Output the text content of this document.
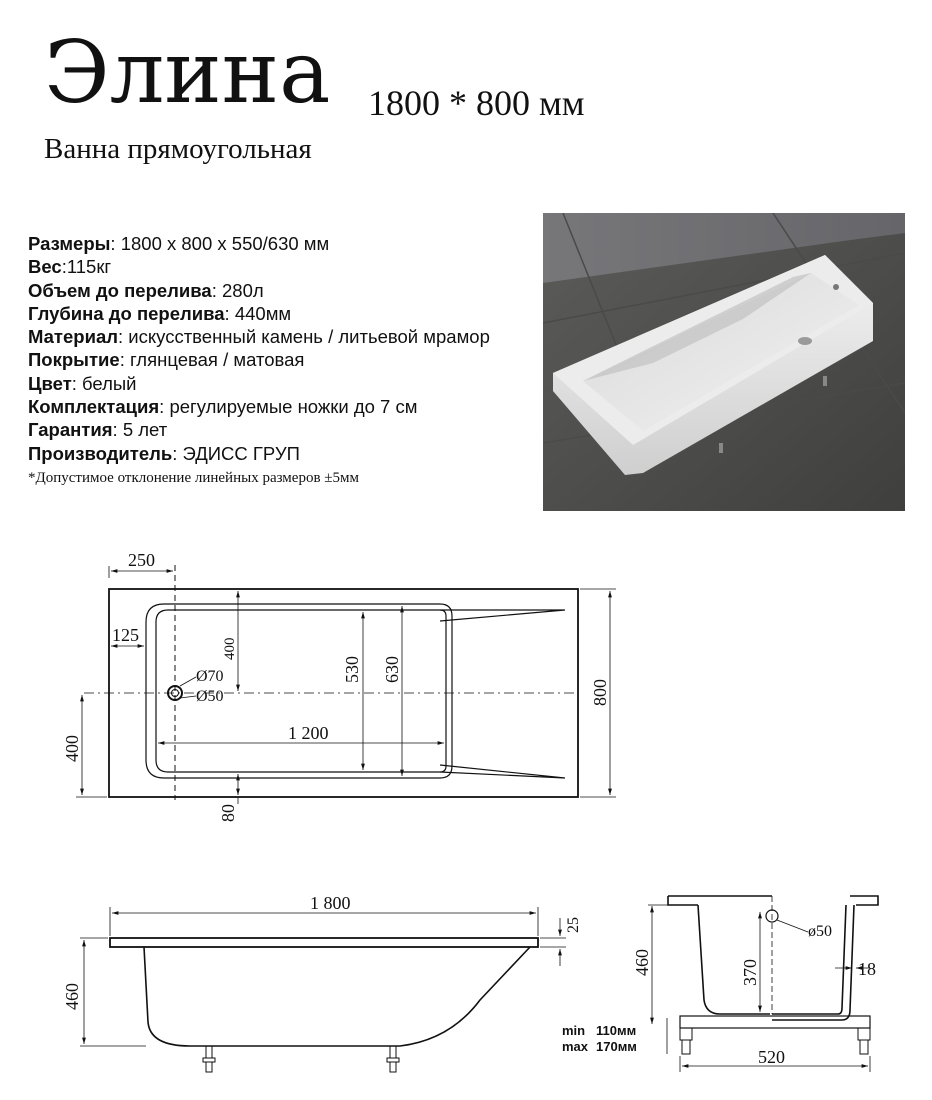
Элина 1800 * 800 мм
Ванна прямоугольная
Размеры: 1800 х 800 х 550/630 мм
Вес:115кг
Объем до перелива: 280л
Глубина до перелива: 440мм
Материал: искусственный камень / литьевой мрамор
Покрытие: глянцевая / матовая
Цвет: белый
Комплектация: регулируемые ножки до 7 см
Гарантия: 5 лет
Производитель: ЭДИСС ГРУП
*Допустимое отклонение линейных размеров ±5мм
250
125
400
530 630
800
400
1 200
80
Ø70
Ø50
1 800
25
460
460	370
ø50
18
520
min 110мм
max 170мм
